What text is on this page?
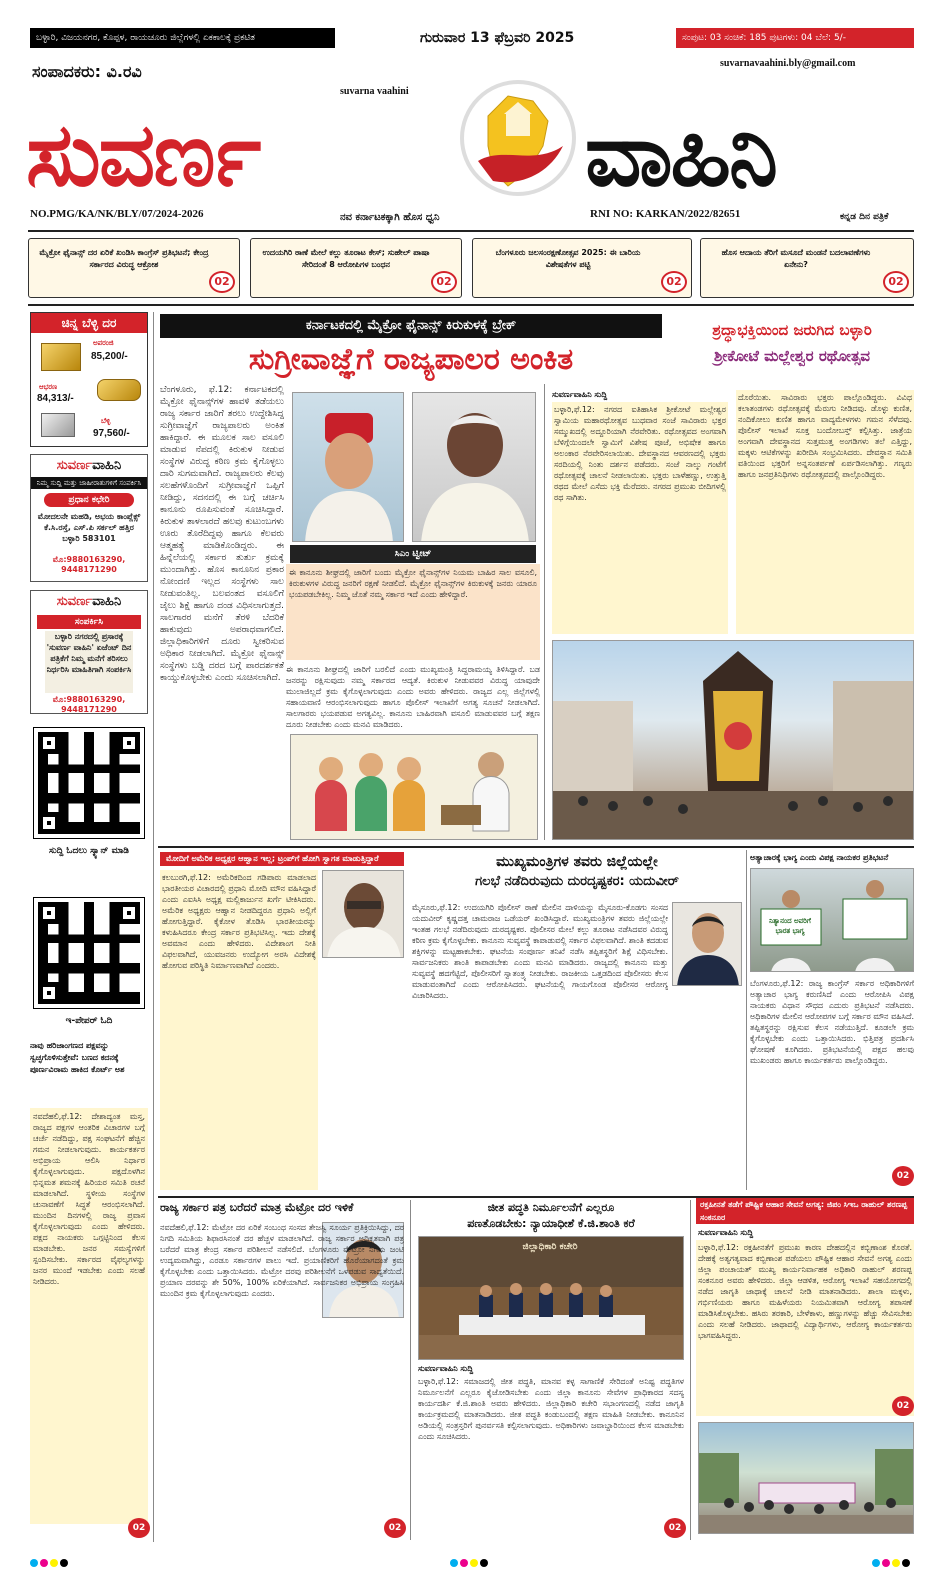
ಬಳ್ಳಾರಿ, ವಿಜಯನಗರ, ಕೊಪ್ಪಳ, ರಾಯಚೂರು ಜಿಲ್ಲೆಗಳಲ್ಲಿ ಏಕಕಾಲಕ್ಕೆ ಪ್ರಕಟಿತ	ಗುರುವಾರ 13 ಫೆಬ್ರವರಿ 2025	ಸಂಪುಟ: 03 ಸಂಚಿಕೆ: 185 ಪುಟಗಳು: 04 ಬೆಲೆ: 5/-
ಸಂಪಾದಕರು: ವಿ.ರವಿ	suvarnavaahini.bly@gmail.com
suvarna vaahini
ಸುವರ್ಣ	ವಾಹಿನಿ
ಕನ್ನಡ ದಿನ ಪತ್ರಿಕೆ
NO.PMG/KA/NK/BLY/07/2024-2026	ನವ ಕರ್ನಾಟಕಕ್ಕಾಗಿ ಹೊಸ ಧ್ವನಿ	RNI NO: KARKAN/2022/82651
ಮೈಕ್ರೋ ಫೈನಾನ್ಸ್ ದರ ಏರಿಕೆ ಖಂಡಿಸಿ ಕಾಂಗ್ರೆಸ್ ಪ್ರತಿಭಟನೆ; ಕೇಂದ್ರ ಸರ್ಕಾರದ ವಿರುದ್ಧ ಆಕ್ರೋಶ
02
ಉದಯಗಿರಿ ಠಾಣೆ ಮೇಲೆ ಕಲ್ಲು ತೂರಾಟ ಕೇಸ್; ಸುಹೇಲ್ ಪಾಷಾ ಸೇರಿದಂತೆ 8 ಆರೋಪಿಗಳ ಬಂಧನ
02
ಬೆಂಗಳೂರು ಜಲಸಂರಕ್ಷಣೋತ್ಸವ 2025: ಈ ಬಾರಿಯ ವಿಶೇಷತೆಗಳ ಪಟ್ಟಿ
02
ಹೊಸ ಆದಾಯ ತೆರಿಗೆ ಮಸೂದೆ ಮಂಡನೆ ಬದಲಾವಣೆಗಳು ಏನೇನು?
02
ಚಿನ್ನ ಬೆಳ್ಳಿ ದರ
ಅಪರಂಜಿ
85,200/-
ಆಭರಣ
84,313/-
ಬೆಳ್ಳಿ
97,560/-
ಸುವರ್ಣವಾಹಿನಿ
ನಿಮ್ಮ ಸುದ್ದಿ ಮತ್ತು ಜಾಹೀರಾತುಗಳಿಗೆ ಸಂಪರ್ಕಿಸಿ
ಪ್ರಧಾನ ಕಛೇರಿ
ಮೋದಲನೇ ಮಹಡಿ, ಅಭಯ ಕಾಂಪ್ಲೆಕ್ಸ್ ಕೆ.ಸಿ.ರಸ್ತೆ, ಎಸ್.ಪಿ ಸರ್ಕಲ್ ಹತ್ತಿರ ಬಳ್ಳಾರಿ 583101
ಮೊ:9880163290, 9448171290
ಸುವರ್ಣವಾಹಿನಿ
ಸಂಪರ್ಕಿಸಿ
ಬಳ್ಳಾರಿ ನಗರದಲ್ಲಿ ಪ್ರಸಾರಕ್ಕೆ 'ಸುವರ್ಣ ವಾಹಿನಿ' ಏಜೆಂಟ್ ದಿನ ಪತ್ರಿಕೆಗೆ ನಿಮ್ಮ ಮನೆಗೆ ತರಿಸಲು ನಿರ್ಧರಿಸಿ ಮಾಹಿತಿಗಾಗಿ ಸಂಪರ್ಕಿಸಿ
ಮೊ:9880163290, 9448171290
ಸುದ್ದಿ ಓದಲು ಸ್ಕ್ಯಾನ್ ಮಾಡಿ
ಇ-ಪೇಪರ್ ಓದಿ
ನಾವು ಹರಿಜಾಂಗಣದ ಪಕ್ಷವನ್ನು ಸ್ವಚ್ಛಗೊಳಿಸುತ್ತೇವೆ: ಬಣದ ಕದನಕ್ಕೆ ಪೂರ್ಣವಿರಾಮ ಹಾಕಿದ ಕೊರ್ಟ್ ಅಶ
ನವದೆಹಲಿ,ಫೆ.12: ದೇಶಾದ್ಯಂತ ಮಸ್ತ, ರಾಜ್ಯದ ಪಕ್ಷಗಳ ಆಂತರಿಕ ವಿಚಾರಗಳ ಬಗ್ಗೆ ಚರ್ಚೆ ನಡೆದಿದ್ದು, ಪಕ್ಷ ಸಂಘಟನೆಗೆ ಹೆಚ್ಚಿನ ಗಮನ ನೀಡಲಾಗುವುದು. ಕಾರ್ಯಕರ್ತರ ಅಭಿಪ್ರಾಯ ಆಲಿಸಿ ನಿರ್ಧಾರ ಕೈಗೊಳ್ಳಲಾಗುವುದು. ಪಕ್ಷದೊಳಗಿನ ಭಿನ್ನಮತ ಶಮನಕ್ಕೆ ಹಿರಿಯರ ಸಮಿತಿ ರಚನೆ ಮಾಡಲಾಗಿದೆ. ಸ್ಥಳೀಯ ಸಂಸ್ಥೆಗಳ ಚುನಾವಣೆಗೆ ಸಿದ್ಧತೆ ಆರಂಭಿಸಲಾಗಿದೆ. ಮುಂದಿನ ದಿನಗಳಲ್ಲಿ ರಾಜ್ಯ ಪ್ರವಾಸ ಕೈಗೊಳ್ಳಲಾಗುವುದು ಎಂದು ಹೇಳಿದರು. ಪಕ್ಷದ ನಾಯಕರು ಒಗ್ಗಟ್ಟಿನಿಂದ ಕೆಲಸ ಮಾಡಬೇಕು. ಜನರ ಸಮಸ್ಯೆಗಳಿಗೆ ಸ್ಪಂದಿಸಬೇಕು. ಸರ್ಕಾರದ ವೈಫಲ್ಯಗಳನ್ನು ಜನರ ಮುಂದೆ ಇಡಬೇಕು ಎಂದು ಸಲಹೆ ನೀಡಿದರು.
02
ಕರ್ನಾಟಕದಲ್ಲಿ ಮೈಕ್ರೋ ಫೈನಾನ್ಸ್ ಕಿರುಕುಳಕ್ಕೆ ಬ್ರೇಕ್
ಸುಗ್ರೀವಾಜ್ಞೆಗೆ ರಾಜ್ಯಪಾಲರ ಅಂಕಿತ
ಬೆಂಗಳೂರು, ಫೆ.12: ಕರ್ನಾಟಕದಲ್ಲಿ ಮೈಕ್ರೋ ಫೈನಾನ್ಸ್‌ಗಳ ಹಾವಳಿ ತಡೆಯಲು ರಾಜ್ಯ ಸರ್ಕಾರ ಜಾರಿಗೆ ತರಲು ಉದ್ದೇಶಿಸಿದ್ದ ಸುಗ್ರೀವಾಜ್ಞೆಗೆ ರಾಜ್ಯಪಾಲರು ಅಂಕಿತ ಹಾಕಿದ್ದಾರೆ. ಈ ಮೂಲಕ ಸಾಲ ವಸೂಲಿ ಮಾಡುವ ನೆಪದಲ್ಲಿ ಕಿರುಕುಳ ನೀಡುವ ಸಂಸ್ಥೆಗಳ ವಿರುದ್ಧ ಕಠಿಣ ಕ್ರಮ ಕೈಗೊಳ್ಳಲು ದಾರಿ ಸುಗಮವಾಗಿದೆ. ರಾಜ್ಯಪಾಲರು ಕೆಲವು ಸಲಹೆಗಳೊಂದಿಗೆ ಸುಗ್ರೀವಾಜ್ಞೆಗೆ ಒಪ್ಪಿಗೆ ನೀಡಿದ್ದು, ಸದನದಲ್ಲಿ ಈ ಬಗ್ಗೆ ಚರ್ಚಿಸಿ ಕಾನೂನು ರೂಪಿಸುವಂತೆ ಸೂಚಿಸಿದ್ದಾರೆ. ಕಿರುಕುಳ ತಾಳಲಾರದೆ ಹಲವು ಕುಟುಂಬಗಳು ಊರು ತೊರೆದಿದ್ದವು ಹಾಗೂ ಕೆಲವರು ಆತ್ಮಹತ್ಯೆ ಮಾಡಿಕೊಂಡಿದ್ದರು. ಈ ಹಿನ್ನೆಲೆಯಲ್ಲಿ ಸರ್ಕಾರ ತುರ್ತು ಕ್ರಮಕ್ಕೆ ಮುಂದಾಗಿತ್ತು. ಹೊಸ ಕಾನೂನಿನ ಪ್ರಕಾರ ನೋಂದಣಿ ಇಲ್ಲದ ಸಂಸ್ಥೆಗಳು ಸಾಲ ನೀಡುವಂತಿಲ್ಲ. ಬಲವಂತದ ವಸೂಲಿಗೆ ಜೈಲು ಶಿಕ್ಷೆ ಹಾಗೂ ದಂಡ ವಿಧಿಸಲಾಗುತ್ತದೆ. ಸಾಲಗಾರರ ಮನೆಗೆ ತೆರಳಿ ಬೆದರಿಕೆ ಹಾಕುವುದು ಅಪರಾಧವಾಗಲಿದೆ. ಜಿಲ್ಲಾಧಿಕಾರಿಗಳಿಗೆ ದೂರು ಸ್ವೀಕರಿಸುವ ಅಧಿಕಾರ ನೀಡಲಾಗಿದೆ. ಮೈಕ್ರೋ ಫೈನಾನ್ಸ್ ಸಂಸ್ಥೆಗಳು ಬಡ್ಡಿ ದರದ ಬಗ್ಗೆ ಪಾರದರ್ಶಕತೆ ಕಾಯ್ದುಕೊಳ್ಳಬೇಕು ಎಂದು ಸೂಚಿಸಲಾಗಿದೆ.
ಸಿಎಂ ಟ್ವೀಟ್
ಈ ಕಾನೂನು ಶೀಘ್ರದಲ್ಲಿ ಜಾರಿಗೆ ಬಂದು ಮೈಕ್ರೋ ಫೈನಾನ್ಸ್‌ಗಳ ನಿಯಮ ಬಾಹಿರ ಸಾಲ ವಸೂಲಿ, ಕಿರುಕುಳಗಳ ವಿರುದ್ಧ ಜನರಿಗೆ ರಕ್ಷಣೆ ನೀಡಲಿದೆ. ಮೈಕ್ರೋ ಫೈನಾನ್ಸ್‌ಗಳ ಕಿರುಕುಳಕ್ಕೆ ಜನರು ಯಾರೂ ಭಯಪಡಬೇಕಿಲ್ಲ. ನಿಮ್ಮ ಜೊತೆ ನಮ್ಮ ಸರ್ಕಾರ ಇದೆ ಎಂದು ಹೇಳಿದ್ದಾರೆ.
ಈ ಕಾನೂನು ಶೀಘ್ರದಲ್ಲಿ ಜಾರಿಗೆ ಬರಲಿದೆ ಎಂದು ಮುಖ್ಯಮಂತ್ರಿ ಸಿದ್ದರಾಮಯ್ಯ ತಿಳಿಸಿದ್ದಾರೆ. ಬಡ ಜನರನ್ನು ರಕ್ಷಿಸುವುದು ನಮ್ಮ ಸರ್ಕಾರದ ಆದ್ಯತೆ. ಕಿರುಕುಳ ನೀಡುವವರ ವಿರುದ್ಧ ಯಾವುದೇ ಮುಲಾಜಿಲ್ಲದೆ ಕ್ರಮ ಕೈಗೊಳ್ಳಲಾಗುವುದು ಎಂದು ಅವರು ಹೇಳಿದರು. ರಾಜ್ಯದ ಎಲ್ಲ ಜಿಲ್ಲೆಗಳಲ್ಲಿ ಸಹಾಯವಾಣಿ ಆರಂಭಿಸಲಾಗುವುದು ಹಾಗೂ ಪೊಲೀಸ್ ಇಲಾಖೆಗೆ ಅಗತ್ಯ ಸೂಚನೆ ನೀಡಲಾಗಿದೆ. ಸಾಲಗಾರರು ಭಯಪಡುವ ಅಗತ್ಯವಿಲ್ಲ. ಕಾನೂನು ಬಾಹಿರವಾಗಿ ವಸೂಲಿ ಮಾಡುವವರ ಬಗ್ಗೆ ತಕ್ಷಣ ದೂರು ನೀಡಬೇಕು ಎಂದು ಮನವಿ ಮಾಡಿದರು.
ಶ್ರದ್ಧಾಭಕ್ತಿಯಿಂದ ಜರುಗಿದ ಬಳ್ಳಾರಿ
ಶ್ರೀಕೋಟೆ ಮಲ್ಲೇಶ್ವರ ರಥೋತ್ಸವ
ಸುವರ್ಣವಾಹಿನಿ ಸುದ್ದಿ
ಬಳ್ಳಾರಿ,ಫೆ.12: ನಗರದ ಐತಿಹಾಸಿಕ ಶ್ರೀಕೋಟೆ ಮಲ್ಲೇಶ್ವರ ಸ್ವಾಮಿಯ ಮಹಾರಥೋತ್ಸವ ಬುಧವಾರ ಸಂಜೆ ಸಾವಿರಾರು ಭಕ್ತರ ಸಮ್ಮುಖದಲ್ಲಿ ಅದ್ದೂರಿಯಾಗಿ ನೆರವೇರಿತು. ರಥೋತ್ಸವದ ಅಂಗವಾಗಿ ಬೆಳಿಗ್ಗೆಯಿಂದಲೇ ಸ್ವಾಮಿಗೆ ವಿಶೇಷ ಪೂಜೆ, ಅಭಿಷೇಕ ಹಾಗೂ ಅಲಂಕಾರ ನೆರವೇರಿಸಲಾಯಿತು. ದೇವಸ್ಥಾನದ ಆವರಣದಲ್ಲಿ ಭಕ್ತರು ಸರದಿಯಲ್ಲಿ ನಿಂತು ದರ್ಶನ ಪಡೆದರು. ಸಂಜೆ ನಾಲ್ಕು ಗಂಟೆಗೆ ರಥೋತ್ಸವಕ್ಕೆ ಚಾಲನೆ ನೀಡಲಾಯಿತು. ಭಕ್ತರು ಬಾಳೆಹಣ್ಣು, ಉತ್ತುತ್ತಿ ರಥದ ಮೇಲೆ ಎಸೆದು ಭಕ್ತಿ ಮೆರೆದರು. ನಗರದ ಪ್ರಮುಖ ಬೀದಿಗಳಲ್ಲಿ ರಥ ಸಾಗಿತು.
ದೊರೆಯಿತು. ಸಾವಿರಾರು ಭಕ್ತರು ಪಾಲ್ಗೊಂಡಿದ್ದರು. ವಿವಿಧ ಕಲಾತಂಡಗಳು ರಥೋತ್ಸವಕ್ಕೆ ಮೆರುಗು ನೀಡಿದವು. ಡೊಳ್ಳು ಕುಣಿತ, ನಂದಿಕೋಲು ಕುಣಿತ ಹಾಗೂ ವಾದ್ಯಮೇಳಗಳು ಗಮನ ಸೆಳೆದವು. ಪೊಲೀಸ್ ಇಲಾಖೆ ಸೂಕ್ತ ಬಂದೋಬಸ್ತ್ ಕಲ್ಪಿಸಿತ್ತು. ಜಾತ್ರೆಯ ಅಂಗವಾಗಿ ದೇವಸ್ಥಾನದ ಸುತ್ತಮುತ್ತ ಅಂಗಡಿಗಳು ತಲೆ ಎತ್ತಿದ್ದು, ಮಕ್ಕಳು ಆಟಿಕೆಗಳನ್ನು ಖರೀದಿಸಿ ಸಂಭ್ರಮಿಸಿದರು. ದೇವಸ್ಥಾನ ಸಮಿತಿ ವತಿಯಿಂದ ಭಕ್ತರಿಗೆ ಅನ್ನಸಂತರ್ಪಣೆ ಏರ್ಪಡಿಸಲಾಗಿತ್ತು. ಗಣ್ಯರು ಹಾಗೂ ಜನಪ್ರತಿನಿಧಿಗಳು ರಥೋತ್ಸವದಲ್ಲಿ ಪಾಲ್ಗೊಂಡಿದ್ದರು.
ಮೋದಿಗೆ ಅಮೆರಿಕ ಅಧ್ಯಕ್ಷರ ಆಹ್ವಾನ ಇಲ್ಲ; ಟ್ರಂಪ್‌ಗೆ ಹೋಗಿ ಸ್ವಾಗತ ಮಾಡುತ್ತಿದ್ದಾರೆ
ಕಲಬುರಗಿ,ಫೆ.12: ಅಮೆರಿಕದಿಂದ ಗಡಿಪಾರು ಮಾಡಲಾದ ಭಾರತೀಯರ ವಿಚಾರದಲ್ಲಿ ಪ್ರಧಾನಿ ಮೋದಿ ಮೌನ ವಹಿಸಿದ್ದಾರೆ ಎಂದು ಎಐಸಿಸಿ ಅಧ್ಯಕ್ಷ ಮಲ್ಲಿಕಾರ್ಜುನ ಖರ್ಗೆ ಟೀಕಿಸಿದರು. ಅಮೆರಿಕ ಅಧ್ಯಕ್ಷರು ಆಹ್ವಾನ ನೀಡದಿದ್ದರೂ ಪ್ರಧಾನಿ ಅಲ್ಲಿಗೆ ಹೋಗುತ್ತಿದ್ದಾರೆ. ಕೈಕೋಳ ತೊಡಿಸಿ ಭಾರತೀಯರನ್ನು ಕಳುಹಿಸಿದರೂ ಕೇಂದ್ರ ಸರ್ಕಾರ ಪ್ರತಿಭಟಿಸಿಲ್ಲ. ಇದು ದೇಶಕ್ಕೆ ಅವಮಾನ ಎಂದು ಹೇಳಿದರು. ವಿದೇಶಾಂಗ ನೀತಿ ವಿಫಲವಾಗಿದೆ, ಯುವಜನರು ಉದ್ಯೋಗ ಅರಸಿ ವಿದೇಶಕ್ಕೆ ಹೋಗುವ ಪರಿಸ್ಥಿತಿ ನಿರ್ಮಾಣವಾಗಿದೆ ಎಂದರು.
ಮುಖ್ಯಮಂತ್ರಿಗಳ ತವರು ಜಿಲ್ಲೆಯಲ್ಲೇ
ಗಲಭೆ ನಡೆದಿರುವುದು ದುರದೃಷ್ಟಕರ: ಯದುವೀರ್
ಮೈಸೂರು,ಫೆ.12: ಉದಯಗಿರಿ ಪೊಲೀಸ್ ಠಾಣೆ ಮೇಲಿನ ದಾಳಿಯನ್ನು ಮೈಸೂರು-ಕೊಡಗು ಸಂಸದ ಯದುವೀರ್ ಕೃಷ್ಣದತ್ತ ಚಾಮರಾಜ ಒಡೆಯರ್ ಖಂಡಿಸಿದ್ದಾರೆ. ಮುಖ್ಯಮಂತ್ರಿಗಳ ತವರು ಜಿಲ್ಲೆಯಲ್ಲೇ ಇಂತಹ ಗಲಭೆ ನಡೆದಿರುವುದು ದುರದೃಷ್ಟಕರ. ಪೊಲೀಸರ ಮೇಲೆ ಕಲ್ಲು ತೂರಾಟ ನಡೆಸಿದವರ ವಿರುದ್ಧ ಕಠಿಣ ಕ್ರಮ ಕೈಗೊಳ್ಳಬೇಕು. ಕಾನೂನು ಸುವ್ಯವಸ್ಥೆ ಕಾಪಾಡುವಲ್ಲಿ ಸರ್ಕಾರ ವಿಫಲವಾಗಿದೆ. ಶಾಂತಿ ಕದಡುವ ಶಕ್ತಿಗಳನ್ನು ಮಟ್ಟಹಾಕಬೇಕು. ಘಟನೆಯ ಸಂಪೂರ್ಣ ತನಿಖೆ ನಡೆಸಿ ತಪ್ಪಿತಸ್ಥರಿಗೆ ಶಿಕ್ಷೆ ವಿಧಿಸಬೇಕು. ಸಾರ್ವಜನಿಕರು ಶಾಂತಿ ಕಾಪಾಡಬೇಕು ಎಂದು ಮನವಿ ಮಾಡಿದರು. ರಾಜ್ಯದಲ್ಲಿ ಕಾನೂನು ಮತ್ತು ಸುವ್ಯವಸ್ಥೆ ಹದಗೆಟ್ಟಿದೆ, ಪೊಲೀಸರಿಗೆ ಸ್ವಾತಂತ್ರ್ಯ ನೀಡಬೇಕು. ರಾಜಕೀಯ ಒತ್ತಡದಿಂದ ಪೊಲೀಸರು ಕೆಲಸ ಮಾಡುವಂತಾಗಿದೆ ಎಂದು ಆರೋಪಿಸಿದರು. ಘಟನೆಯಲ್ಲಿ ಗಾಯಗೊಂಡ ಪೊಲೀಸರ ಆರೋಗ್ಯ ವಿಚಾರಿಸಿದರು.
ಅತ್ಯಾಚಾರಕ್ಕೆ ಭಾಗ್ಯ ಎಂದು ವಿಪಕ್ಷ ನಾಯಕರ ಪ್ರತಿಭಟನೆ
ನಿತ್ಯಾನಂದ ಅವರಿಗೆ ಭಾರತ ಭಾಗ್ಯ
ಬೆಂಗಳೂರು,ಫೆ.12: ರಾಜ್ಯ ಕಾಂಗ್ರೆಸ್ ಸರ್ಕಾರ ಅಧಿಕಾರಿಗಳಿಗೆ ಅತ್ಯಾಚಾರ ಭಾಗ್ಯ ಕರುಣಿಸಿದೆ ಎಂದು ಆರೋಪಿಸಿ ವಿಪಕ್ಷ ನಾಯಕರು ವಿಧಾನ ಸೌಧದ ಎದುರು ಪ್ರತಿಭಟನೆ ನಡೆಸಿದರು. ಅಧಿಕಾರಿಗಳ ಮೇಲಿನ ಆರೋಪಗಳ ಬಗ್ಗೆ ಸರ್ಕಾರ ಮೌನ ವಹಿಸಿದೆ. ತಪ್ಪಿತಸ್ಥರನ್ನು ರಕ್ಷಿಸುವ ಕೆಲಸ ನಡೆಯುತ್ತಿದೆ. ಕೂಡಲೇ ಕ್ರಮ ಕೈಗೊಳ್ಳಬೇಕು ಎಂದು ಒತ್ತಾಯಿಸಿದರು. ಭಿತ್ತಿಪತ್ರ ಪ್ರದರ್ಶಿಸಿ ಘೋಷಣೆ ಕೂಗಿದರು. ಪ್ರತಿಭಟನೆಯಲ್ಲಿ ಪಕ್ಷದ ಹಲವು ಮುಖಂಡರು ಹಾಗೂ ಕಾರ್ಯಕರ್ತರು ಪಾಲ್ಗೊಂಡಿದ್ದರು.
02
ರಾಜ್ಯ ಸರ್ಕಾರ ಪತ್ರ ಬರೆದರೆ ಮಾತ್ರ ಮೆಟ್ರೋ ದರ ಇಳಿಕೆ
ನವದೆಹಲಿ,ಫೆ.12: ಮೆಟ್ರೋ ದರ ಏರಿಕೆ ಸಂಬಂಧ ಸಂಸದ ತೇಜಸ್ವಿ ಸೂರ್ಯ ಪ್ರತಿಕ್ರಿಯಿಸಿದ್ದು, ದರ ನಿಗದಿ ಸಮಿತಿಯ ಶಿಫಾರಸಿನಂತೆ ದರ ಹೆಚ್ಚಳ ಮಾಡಲಾಗಿದೆ. ರಾಜ್ಯ ಸರ್ಕಾರ ಅಧಿಕೃತವಾಗಿ ಪತ್ರ ಬರೆದರೆ ಮಾತ್ರ ಕೇಂದ್ರ ಸರ್ಕಾರ ಪರಿಶೀಲನೆ ನಡೆಸಲಿದೆ. ಬೆಂಗಳೂರು ಮೆಟ್ರೋ ನಿಗಮ ಜಂಟಿ ಉದ್ಯಮವಾಗಿದ್ದು, ಎರಡೂ ಸರ್ಕಾರಗಳ ಪಾಲು ಇದೆ. ಪ್ರಯಾಣಿಕರಿಗೆ ಹೊರೆಯಾಗದಂತೆ ಕ್ರಮ ಕೈಗೊಳ್ಳಬೇಕು ಎಂದು ಒತ್ತಾಯಿಸಿದರು. ಮೆಟ್ರೋ ದರವು ಪರಿಶೀಲನೆಗೆ ಒಳಪಡುವ ಸಾಧ್ಯತೆಯಿದೆ. ಪ್ರಯಾಣ ದರವನ್ನು ಶೇ 50%, 100% ಏರಿಕೆಯಾಗಿದೆ. ಸಾರ್ವಜನಿಕರ ಅಭಿಪ್ರಾಯ ಸಂಗ್ರಹಿಸಿ ಮುಂದಿನ ಕ್ರಮ ಕೈಗೊಳ್ಳಲಾಗುವುದು ಎಂದರು.
02
ಜೀತ ಪದ್ಧತಿ ನಿರ್ಮೂಲನೆಗೆ ಎಲ್ಲರೂ
ಪಣತೊಡಬೇಕು: ನ್ಯಾಯಾಧೀಶೆ ಕೆ.ಜಿ.ಶಾಂತಿ ಕರೆ
ಜಿಲ್ಲಾಧಿಕಾರಿ ಕಚೇರಿ
ಸುವರ್ಣವಾಹಿನಿ ಸುದ್ದಿ
ಬಳ್ಳಾರಿ,ಫೆ.12: ಸಮಾಜದಲ್ಲಿ ಜೀತ ಪದ್ಧತಿ, ಮಾನವ ಕಳ್ಳ ಸಾಗಾಣಿಕೆ ಸೇರಿದಂತೆ ಅನಿಷ್ಟ ಪದ್ಧತಿಗಳ ನಿರ್ಮೂಲನೆಗೆ ಎಲ್ಲರೂ ಕೈಜೋಡಿಸಬೇಕು ಎಂದು ಜಿಲ್ಲಾ ಕಾನೂನು ಸೇವೆಗಳ ಪ್ರಾಧಿಕಾರದ ಸದಸ್ಯ ಕಾರ್ಯದರ್ಶಿ ಕೆ.ಜಿ.ಶಾಂತಿ ಅವರು ಹೇಳಿದರು. ಜಿಲ್ಲಾಧಿಕಾರಿ ಕಚೇರಿ ಸಭಾಂಗಣದಲ್ಲಿ ನಡೆದ ಜಾಗೃತಿ ಕಾರ್ಯಕ್ರಮದಲ್ಲಿ ಮಾತನಾಡಿದರು. ಜೀತ ಪದ್ಧತಿ ಕಂಡುಬಂದಲ್ಲಿ ತಕ್ಷಣ ಮಾಹಿತಿ ನೀಡಬೇಕು. ಕಾನೂನಿನ ಅಡಿಯಲ್ಲಿ ಸಂತ್ರಸ್ತರಿಗೆ ಪುನರ್ವಸತಿ ಕಲ್ಪಿಸಲಾಗುವುದು. ಅಧಿಕಾರಿಗಳು ಜವಾಬ್ದಾರಿಯಿಂದ ಕೆಲಸ ಮಾಡಬೇಕು ಎಂದು ಸೂಚಿಸಿದರು.
02
ರಕ್ತಹೀನತೆ ತಡೆಗೆ ಪೌಷ್ಟಿಕ ಆಹಾರ ಸೇವನೆ ಅಗತ್ಯ: ಜಿಪಂ ಸಿಇಒ ರಾಹುಲ್ ಶರಣಪ್ಪ ಸಂಕನೂರ
ಸುವರ್ಣವಾಹಿನಿ ಸುದ್ದಿ
ಬಳ್ಳಾರಿ,ಫೆ.12: ರಕ್ತಹೀನತೆಗೆ ಪ್ರಮುಖ ಕಾರಣ ದೇಹದಲ್ಲಿನ ಕಬ್ಬಿಣಾಂಶ ಕೊರತೆ. ದೇಹಕ್ಕೆ ಅತ್ಯಗತ್ಯವಾದ ಕಬ್ಬಿಣಾಂಶ ಪಡೆಯಲು ಪೌಷ್ಟಿಕ ಆಹಾರ ಸೇವನೆ ಅಗತ್ಯ ಎಂದು ಜಿಲ್ಲಾ ಪಂಚಾಯತ್ ಮುಖ್ಯ ಕಾರ್ಯನಿರ್ವಾಹಕ ಅಧಿಕಾರಿ ರಾಹುಲ್ ಶರಣಪ್ಪ ಸಂಕನೂರ ಅವರು ಹೇಳಿದರು. ಜಿಲ್ಲಾ ಆಡಳಿತ, ಆರೋಗ್ಯ ಇಲಾಖೆ ಸಹಯೋಗದಲ್ಲಿ ನಡೆದ ಜಾಗೃತಿ ಜಾಥಾಕ್ಕೆ ಚಾಲನೆ ನೀಡಿ ಮಾತನಾಡಿದರು. ಶಾಲಾ ಮಕ್ಕಳು, ಗರ್ಭಿಣಿಯರು ಹಾಗೂ ಮಹಿಳೆಯರು ನಿಯಮಿತವಾಗಿ ಆರೋಗ್ಯ ತಪಾಸಣೆ ಮಾಡಿಸಿಕೊಳ್ಳಬೇಕು. ಹಸಿರು ತರಕಾರಿ, ಬೇಳೆಕಾಳು, ಹಣ್ಣುಗಳನ್ನು ಹೆಚ್ಚು ಸೇವಿಸಬೇಕು ಎಂದು ಸಲಹೆ ನೀಡಿದರು. ಜಾಥಾದಲ್ಲಿ ವಿದ್ಯಾರ್ಥಿಗಳು, ಆರೋಗ್ಯ ಕಾರ್ಯಕರ್ತರು ಭಾಗವಹಿಸಿದ್ದರು.
02
